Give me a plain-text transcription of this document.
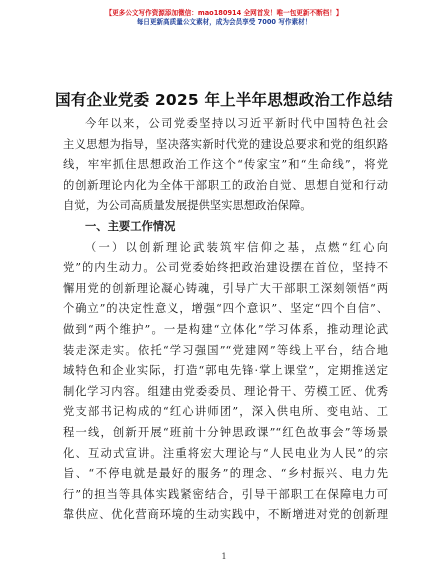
【更多公文写作资源添加微信：mao180914 全网首发！唯一包更新不断档！】
每日更新高质量公文素材，成为会员享受 7000 写作素材！
国有企业党委 2025 年上半年思想政治工作总结
今年以来，公司党委坚持以习近平新时代中国特色社会
主义思想为指导，坚决落实新时代党的建设总要求和党的组织路
线，牢牢抓住思想政治工作这个“传家宝”和“生命线”，将党
的创新理论内化为全体干部职工的政治自觉、思想自觉和行动
自觉，为公司高质量发展提供坚实思想政治保障。
一、主要工作情况
（一）以创新理论武装筑牢信仰之基，点燃“红心向
党”的内生动力。公司党委始终把政治建设摆在首位，坚持不
懈用党的创新理论凝心铸魂，引导广大干部职工深刻领悟“两
个确立”的决定性意义，增强“四个意识”、坚定“四个自信”、
做到“两个维护”。一是构建“立体化”学习体系，推动理论武
装走深走实。依托“学习强国”“党建网”等线上平台，结合地
域特色和企业实际，打造“郭电先锋·掌上课堂”，定期推送定
制化学习内容。组建由党委委员、理论骨干、劳模工匠、优秀
党支部书记构成的“红心讲师团”，深入供电所、变电站、工
程一线，创新开展“班前十分钟思政课”“红色故事会”等场景
化、互动式宣讲。注重将宏大理论与“人民电业为人民”的宗
旨、“不停电就是最好的服务”的理念、“乡村振兴、电力先
行”的担当等具体实践紧密结合，引导干部职工在保障电力可
靠供应、优化营商环境的生动实践中，不断增进对党的创新理
1
